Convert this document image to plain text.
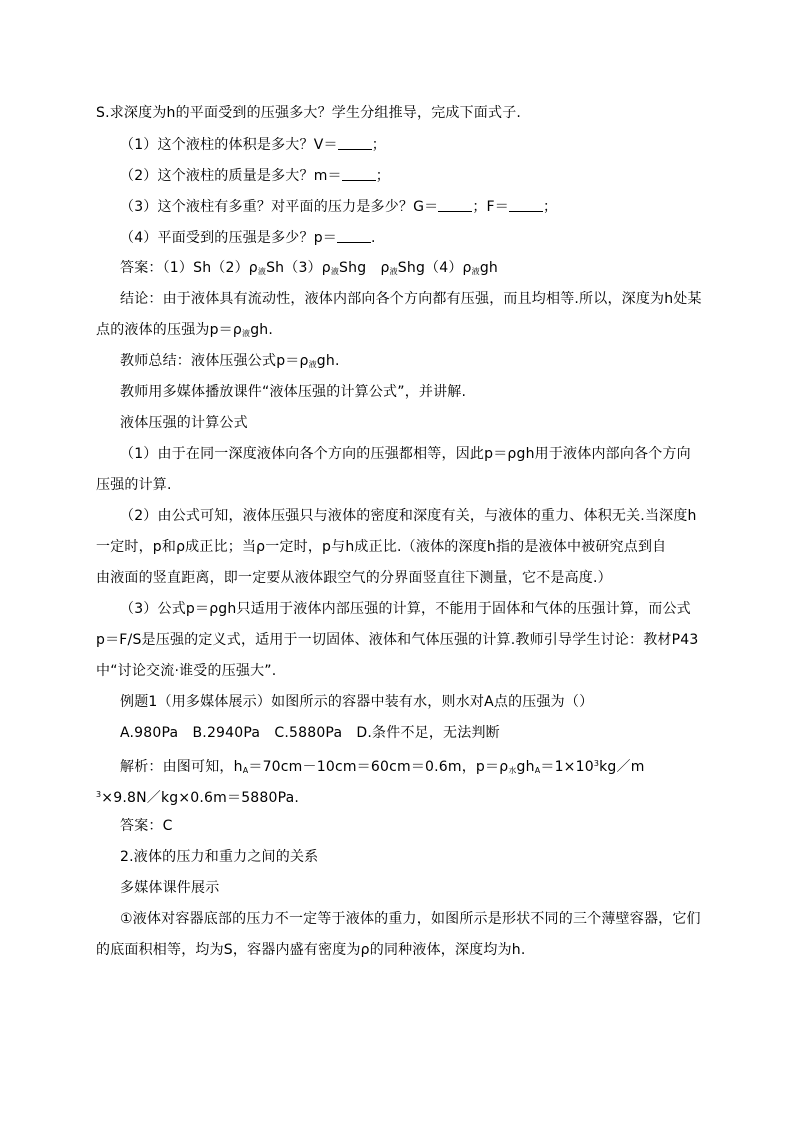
S.求深度为h的平面受到的压强多大？学生分组推导，完成下面式子.
（1）这个液柱的体积是多大？V＝ ；
（2）这个液柱的质量是多大？m＝ ；
（3）这个液柱有多重？对平面的压力是多少？G＝ ；F＝ ；
（4）平面受到的压强是多少？p＝ .
答案：$(1)Sh(2)\rho_液Sh(3)\rho_液Shg$　$\rho_液Shg(4)\rho_液gh$
结论：由于液体具有流动性，液体内部向各个方向都有压强，而且均相等.所以，深度为h处某
点的液体的压强为$p=\rho_液gh$.
教师总结：液体压强公式$p=\rho_液gh$.
教师用多媒体播放课件“液体压强的计算公式”，并讲解.
液体压强的计算公式
（1）由于在同一深度液体向各个方向的压强都相等，因此p＝ρgh用于液体内部向各个方向
压强的计算.
（2）由公式可知，液体压强只与液体的密度和深度有关，与液体的重力、体积无关.当深度h
一定时，p和ρ成正比；当ρ一定时，p与h成正比.（液体的深度h指的是液体中被研究点到自
由液面的竖直距离，即一定要从液体跟空气的分界面竖直往下测量，它不是高度.）
（3）公式p＝ρgh只适用于液体内部压强的计算，不能用于固体和气体的压强计算，而公式
p＝F/S是压强的定义式，适用于一切固体、液体和气体压强的计算.教师引导学生讨论：教材P43
中“讨论交流·谁受的压强大”.
例题1（用多媒体展示）如图所示的容器中装有水，则水对A点的压强为（）
A.980Pa　B.2940Pa　C.5880Pa　D.条件不足，无法判断
解析：由图可知，$h_A=70cm-10cm=60cm=0.6m$，$p=\rho_水gh_A=1\times 10^3kg/m$
$^3$×9.8N／kg×0.6m＝5880Pa.
答案：C
2.液体的压力和重力之间的关系
多媒体课件展示
①液体对容器底部的压力不一定等于液体的重力，如图所示是形状不同的三个薄壁容器，它们
的底面积相等，均为S，容器内盛有密度为ρ的同种液体，深度均为h.
